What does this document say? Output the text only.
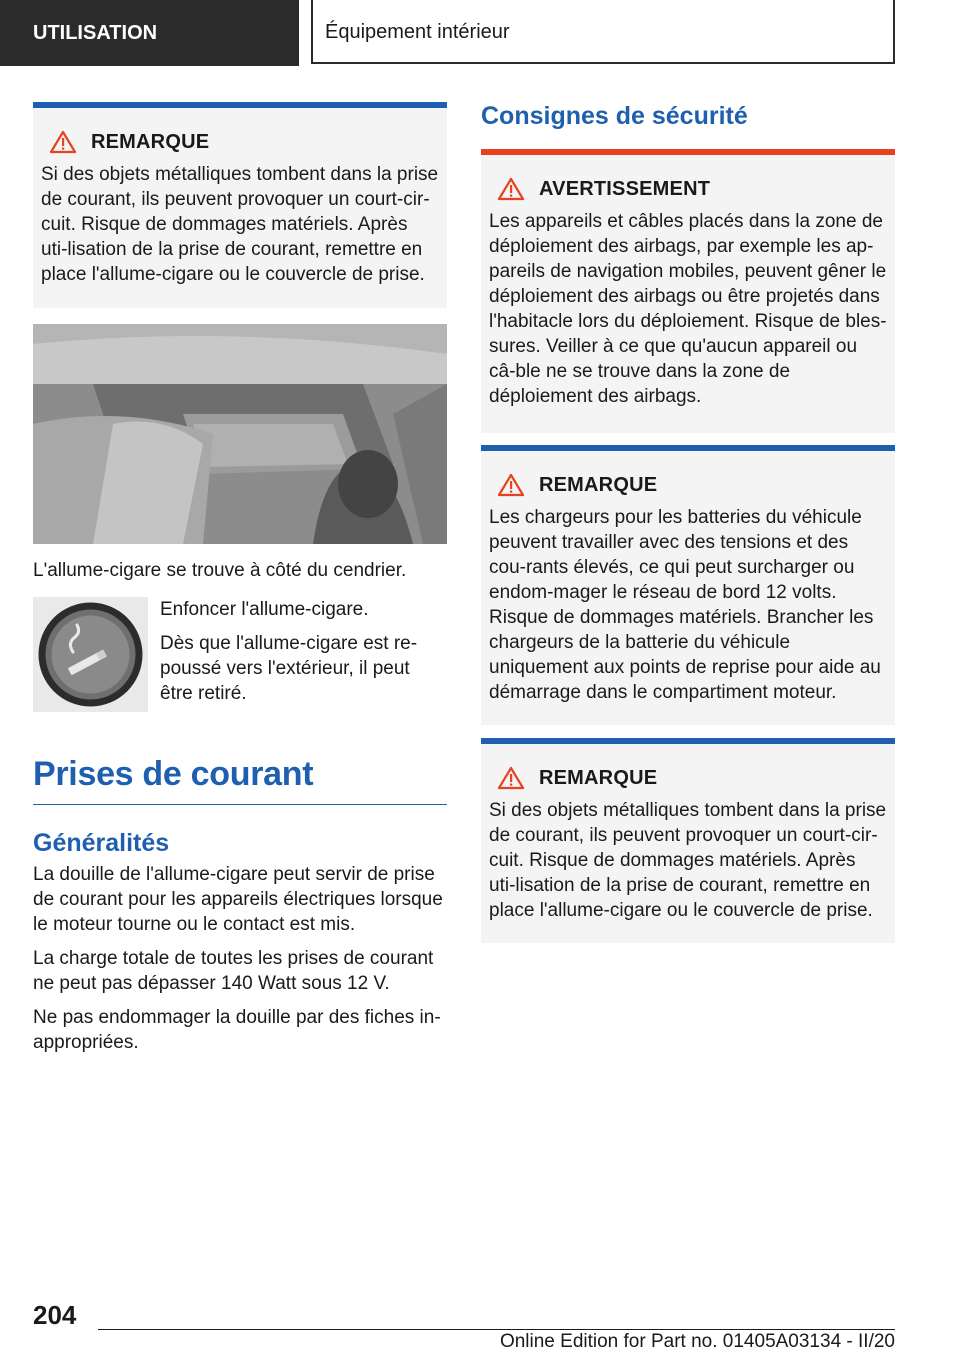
UTILISATION	Équipement intérieur
REMARQUE

Si des objets métalliques tombent dans la prise de courant, ils peuvent provoquer un court-cir-cuit. Risque de dommages matériels. Après uti-lisation de la prise de courant, remettre en place l'allume-cigare ou le couvercle de prise.

L'allume-cigare se trouve à côté du cendrier.

Enfoncer l'allume-cigare.

Dès que l'allume-cigare est re-poussé vers l'extérieur, il peut être retiré.

Prises de courant
Généralités

La douille de l'allume-cigare peut servir de prise de courant pour les appareils électriques lorsque le moteur tourne ou le contact est mis.

La charge totale de toutes les prises de courant ne peut pas dépasser 140 Watt sous 12 V.

Ne pas endommager la douille par des fiches in-appropriées.

Consignes de sécurité
AVERTISSEMENT

Les appareils et câbles placés dans la zone de déploiement des airbags, par exemple les ap-pareils de navigation mobiles, peuvent gêner le déploiement des airbags ou être projetés dans l'habitacle lors du déploiement. Risque de bles-sures. Veiller à ce que qu'aucun appareil ou câ-ble ne se trouve dans la zone de déploiement des airbags.

REMARQUE

Les chargeurs pour les batteries du véhicule peuvent travailler avec des tensions et des cou-rants élevés, ce qui peut surcharger ou endom-mager le réseau de bord 12 volts. Risque de dommages matériels. Brancher les chargeurs de la batterie du véhicule uniquement aux points de reprise pour aide au démarrage dans le compartiment moteur.

REMARQUE

Si des objets métalliques tombent dans la prise de courant, ils peuvent provoquer un court-cir-cuit. Risque de dommages matériels. Après uti-lisation de la prise de courant, remettre en place l'allume-cigare ou le couvercle de prise.

204
Online Edition for Part no. 01405A03134 - II/20
